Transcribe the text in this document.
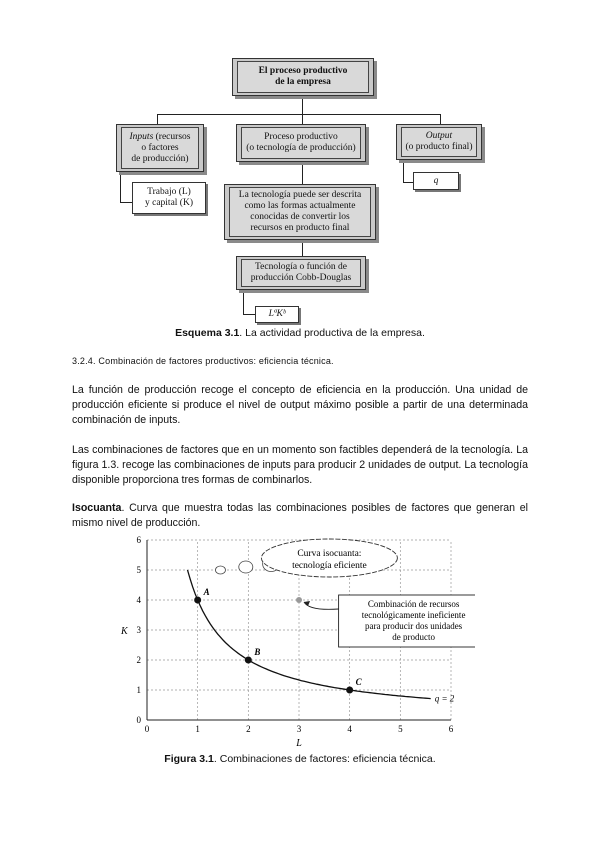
El proceso productivo
de la empresa
Inputs (recursos
o factores
de producción)
Proceso productivo
(o tecnología de producción)
Output
(o producto final)
Trabajo (L)
y capital (K)
q
La tecnología puede ser descrita
como las formas actualmente
conocidas de convertir los
recursos en producto final
Tecnología o función de
producción Cobb-Douglas
LªKᵇ
Esquema 3.1. La actividad productiva de la empresa.
3.2.4. Combinación de factores productivos: eficiencia técnica.
La función de producción recoge el concepto de eficiencia en la producción. Una unidad de producción eficiente si produce el nivel de output máximo posible a partir de una determinada combinación de inputs.
Las combinaciones de factores que en un momento son factibles dependerá de la tecnología. La figura 1.3. recoge las combinaciones de inputs para producir 2 unidades de output. La tecnología disponible proporciona tres formas de combinarlos.
Isocuanta. Curva que muestra todas las combinaciones posibles de factores que generan el mismo nivel de producción.
0	1	2	3	4	5	6
0
1
2
3
4
5
6
L
K
q = 2
A
B
C
Curva isocuanta:
tecnología eficiente
Combinación de recursos
tecnológicamente ineficiente
para producir dos unidades
de producto
Figura 3.1. Combinaciones de factores: eficiencia técnica.
